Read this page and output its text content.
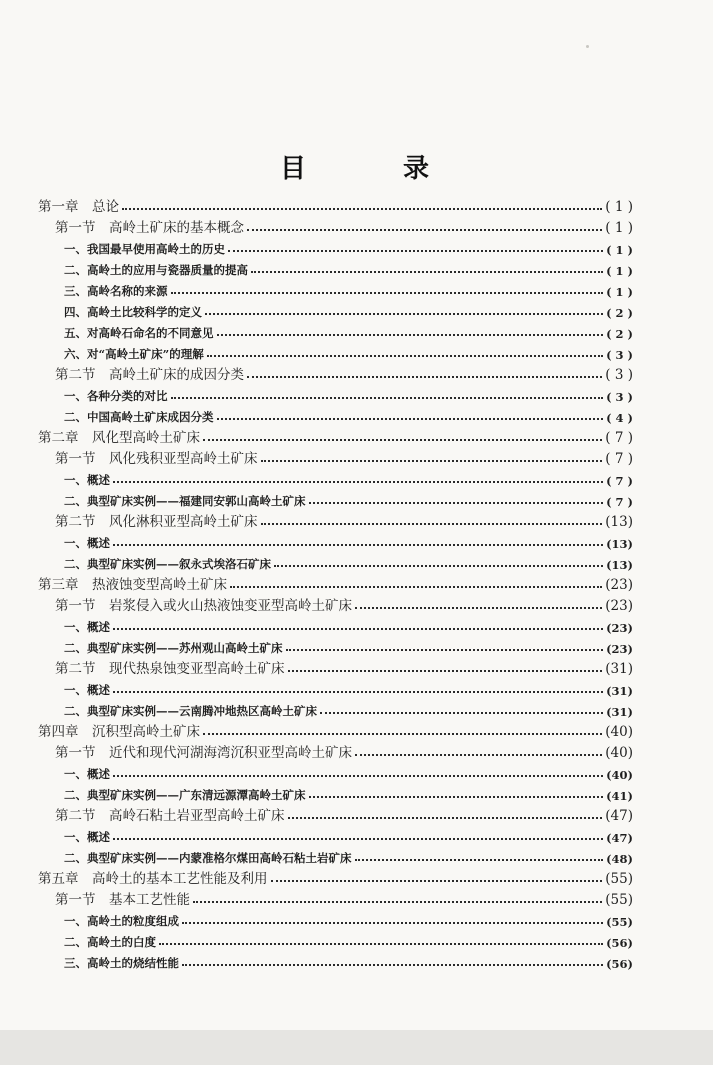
目 录
第一章　总论	( 1 )
第一节　高岭土矿床的基本概念	( 1 )
一、我国最早使用高岭土的历史	( 1 )
二、高岭土的应用与瓷器质量的提高	( 1 )
三、高岭名称的来源	( 1 )
四、高岭土比较科学的定义	( 2 )
五、对高岭石命名的不同意见	( 2 )
六、对“高岭土矿床”的理解	( 3 )
第二节　高岭土矿床的成因分类	( 3 )
一、各种分类的对比	( 3 )
二、中国高岭土矿床成因分类	( 4 )
第二章　风化型高岭土矿床	( 7 )
第一节　风化残积亚型高岭土矿床	( 7 )
一、概述	( 7 )
二、典型矿床实例——福建同安郭山高岭土矿床	( 7 )
第二节　风化淋积亚型高岭土矿床	(13)
一、概述	(13)
二、典型矿床实例——叙永式埃洛石矿床	(13)
第三章　热液蚀变型高岭土矿床	(23)
第一节　岩浆侵入或火山热液蚀变亚型高岭土矿床	(23)
一、概述	(23)
二、典型矿床实例——苏州观山高岭土矿床	(23)
第二节　现代热泉蚀变亚型高岭土矿床	(31)
一、概述	(31)
二、典型矿床实例——云南腾冲地热区高岭土矿床	(31)
第四章　沉积型高岭土矿床	(40)
第一节　近代和现代河湖海湾沉积亚型高岭土矿床	(40)
一、概述	(40)
二、典型矿床实例——广东清远源潭高岭土矿床	(41)
第二节　高岭石粘土岩亚型高岭土矿床	(47)
一、概述	(47)
二、典型矿床实例——内蒙准格尔煤田高岭石粘土岩矿床	(48)
第五章　高岭土的基本工艺性能及利用	(55)
第一节　基本工艺性能	(55)
一、高岭土的粒度组成	(55)
二、高岭土的白度	(56)
三、高岭土的烧结性能	(56)
